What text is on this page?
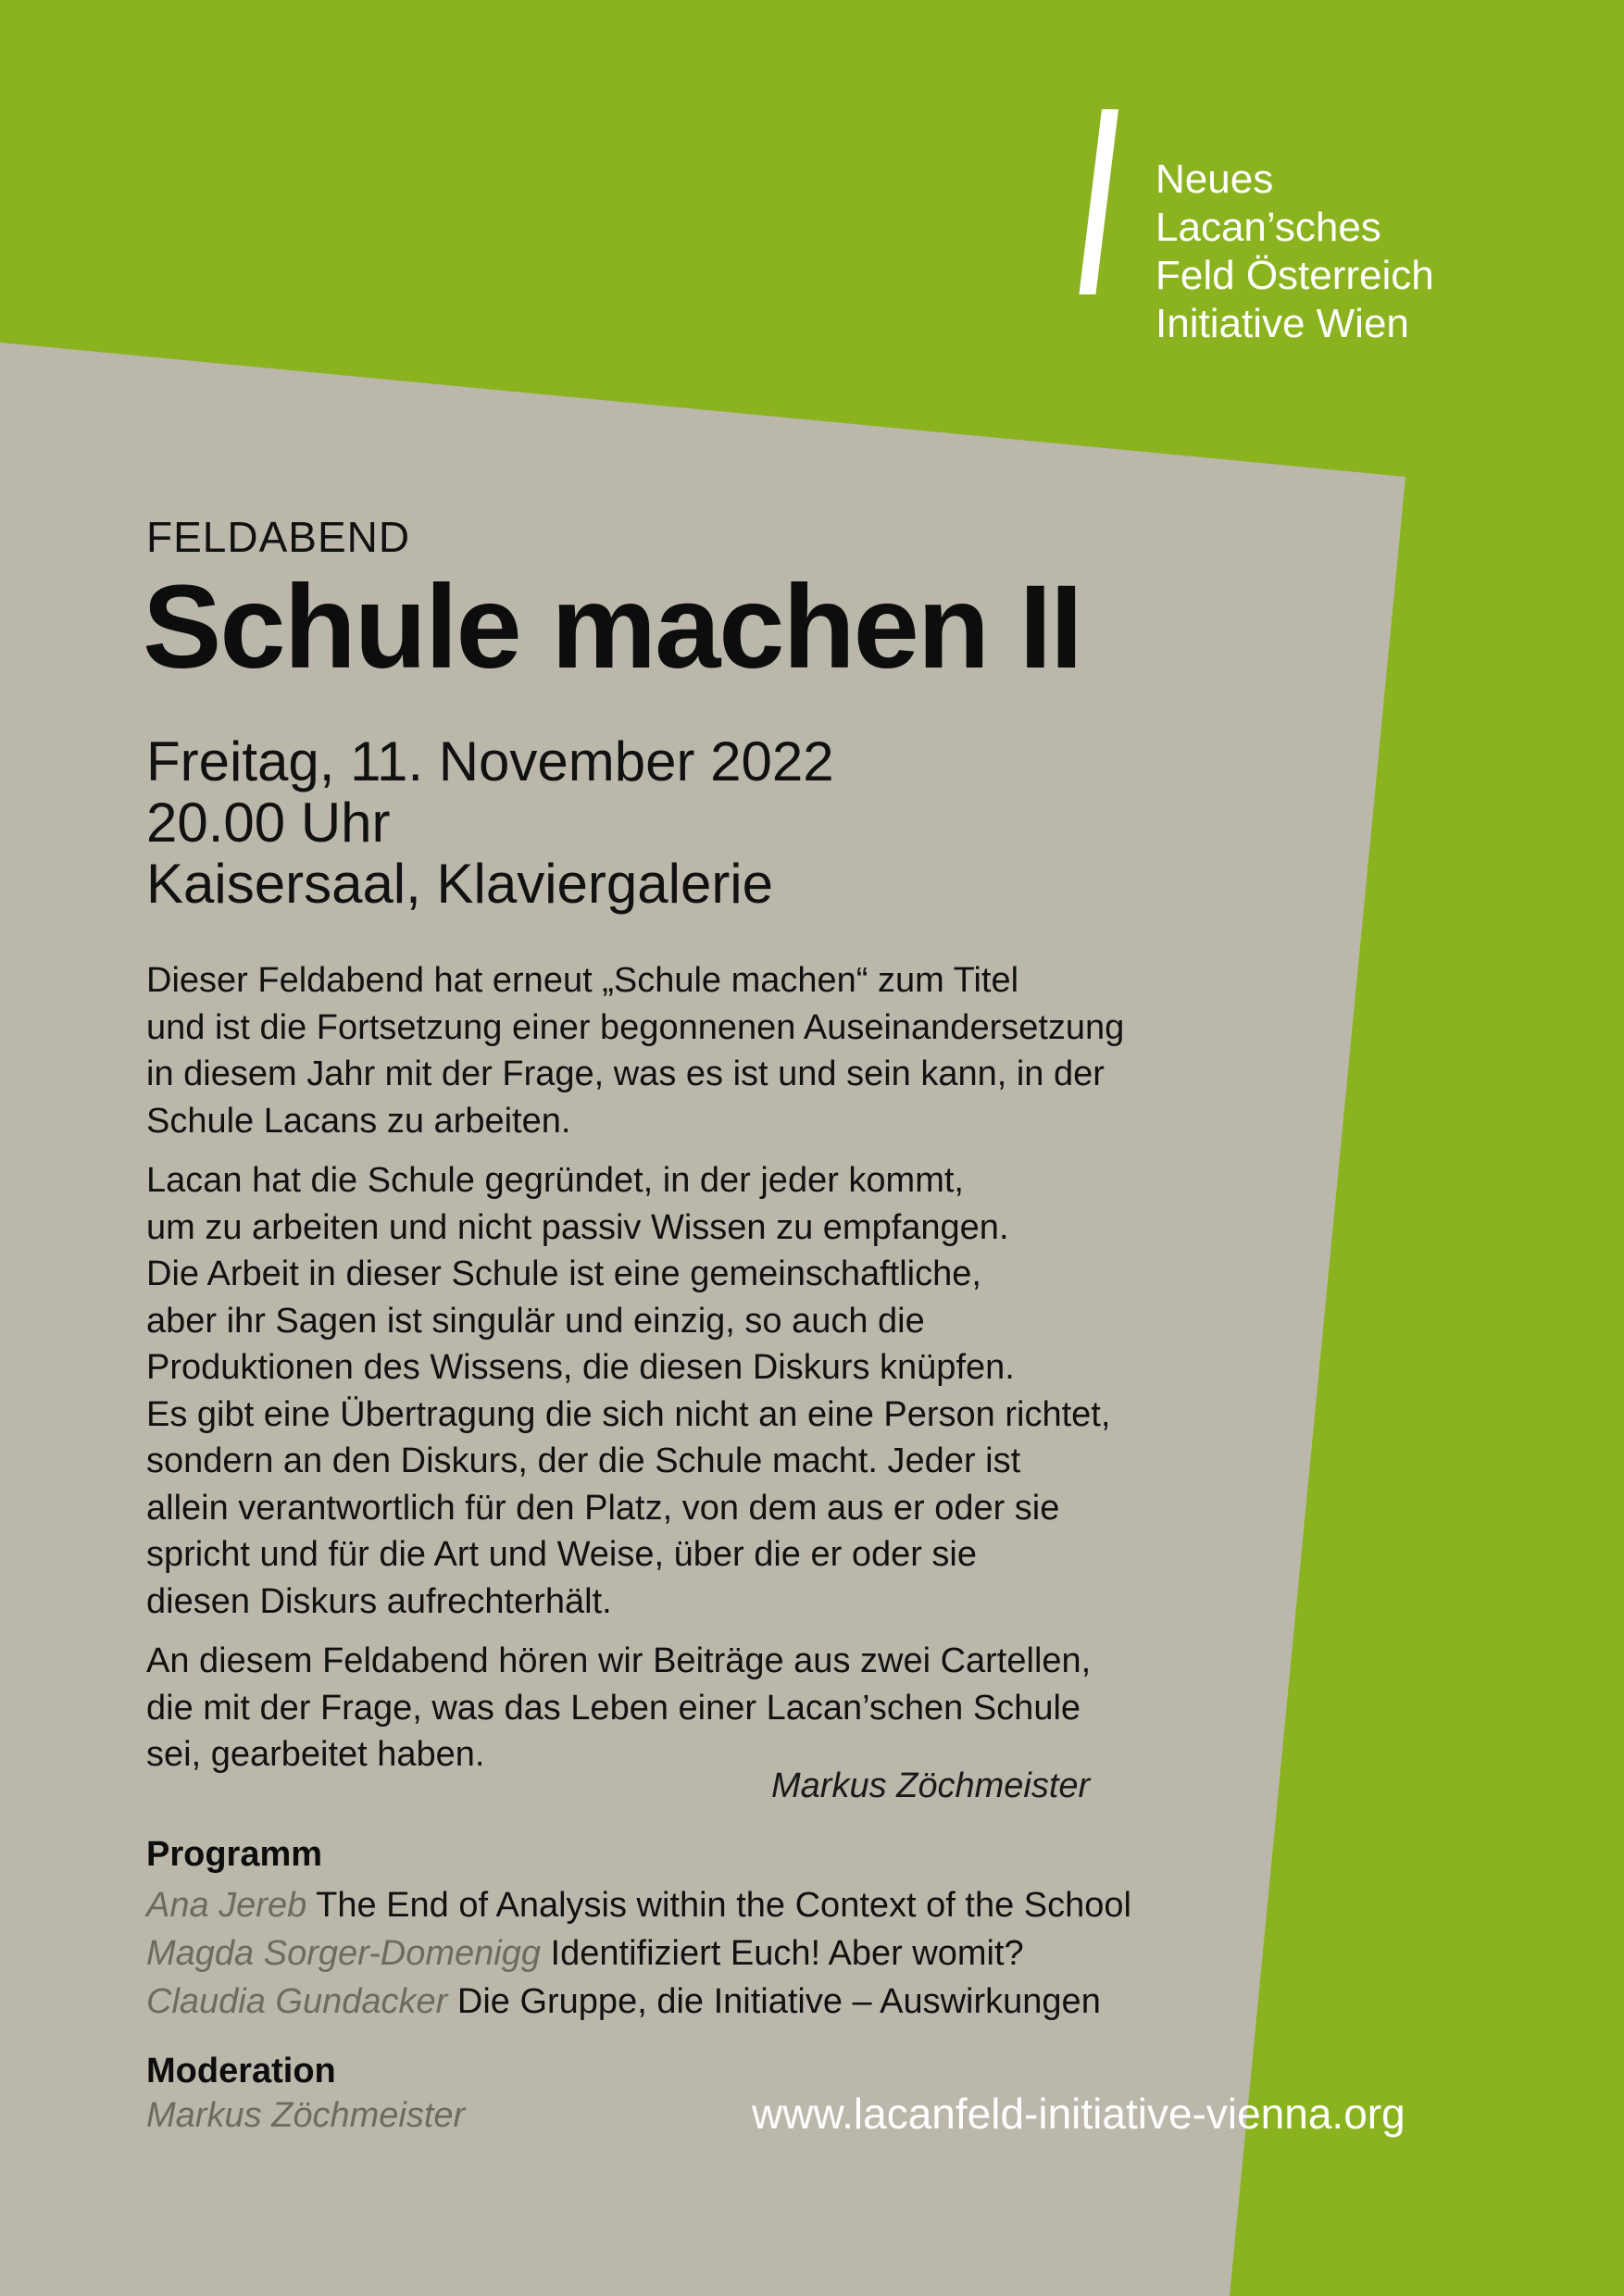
Neues
Lacan’sches
Feld Österreich
Initiative Wien
FELDABEND
Schule machen II
Freitag, 11. November 2022
20.00 Uhr
Kaisersaal, Klaviergalerie

Dieser Feldabend hat erneut „Schule machen“ zum Titel
und ist die Fortsetzung einer begonnenen Auseinandersetzung
in diesem Jahr mit der Frage, was es ist und sein kann, in der
Schule Lacans zu arbeiten.

Lacan hat die Schule gegründet, in der jeder kommt,
um zu arbeiten und nicht passiv Wissen zu empfangen.
Die Arbeit in dieser Schule ist eine gemeinschaftliche,
aber ihr Sagen ist singulär und einzig, so auch die
Produktionen des Wissens, die diesen Diskurs knüpfen.
Es gibt eine Übertragung die sich nicht an eine Person richtet,
sondern an den Diskurs, der die Schule macht. Jeder ist
allein verantwortlich für den Platz, von dem aus er oder sie
spricht und für die Art und Weise, über die er oder sie
diesen Diskurs aufrechterhält.

An diesem Feldabend hören wir Beiträge aus zwei Cartellen,
die mit der Frage, was das Leben einer Lacan’schen Schule
sei, gearbeitet haben.

Markus Zöchmeister
Programm
Ana Jereb The End of Analysis within the Context of the School
Magda Sorger-Domenigg Identifiziert Euch! Aber womit?
Claudia Gundacker Die Gruppe, die Initiative – Auswirkungen
Moderation
Markus Zöchmeister	www.lacanfeld-initiative-vienna.org
